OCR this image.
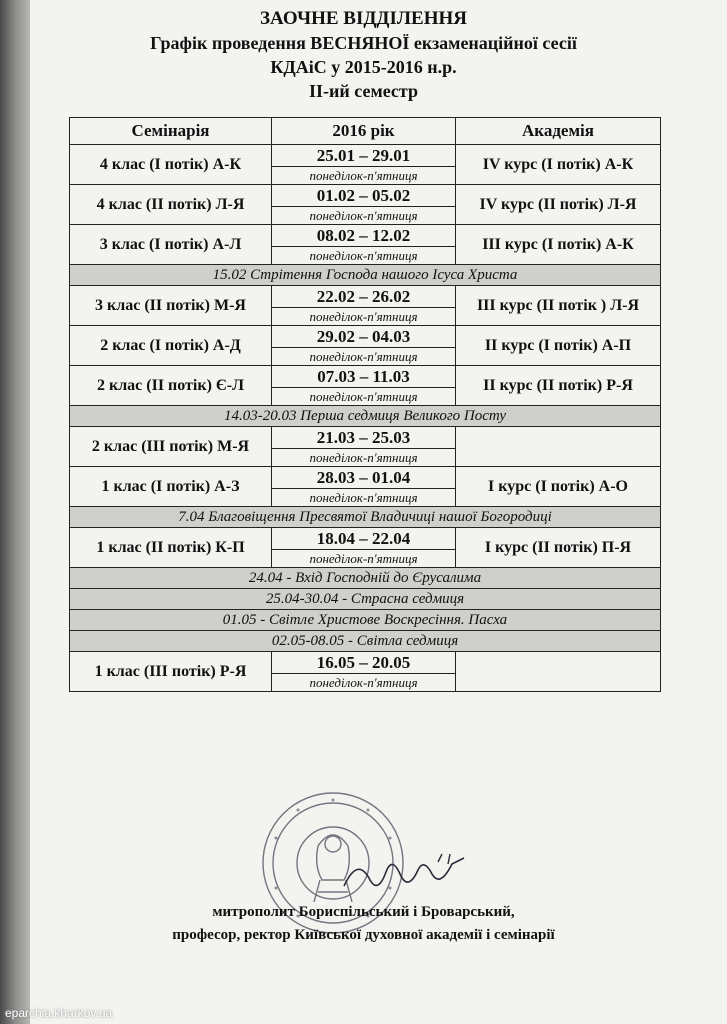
ЗАОЧНЕ ВІДДІЛЕННЯ
Графік проведення ВЕСНЯНОЇ екзаменаційної сесії
КДАіС у 2015-2016 н.р.
ІІ-ий семестр
Семінарія	2016 рік	Академія
4 клас (І потік) А-К	25.01 – 29.01	IV курс (І потік) А-К
	понеділок-п'ятниця	
4 клас (ІІ потік) Л-Я	01.02 – 05.02	IV курс (ІІ потік) Л-Я
	понеділок-п'ятниця	
3 клас (І потік) А-Л	08.02 – 12.02	ІІІ курс (І потік) А-К
	понеділок-п'ятниця	
15.02 Стрітення Господа нашого Ісуса Христа		
3 клас (ІІ потік) М-Я	22.02 – 26.02	ІІІ курс (ІІ потік ) Л-Я
	понеділок-п'ятниця	
2 клас (І потік) А-Д	29.02 – 04.03	ІІ курс (І потік) А-П
	понеділок-п'ятниця	
2 клас (ІІ потік) Є-Л	07.03 – 11.03	ІІ курс (ІІ потік) Р-Я
	понеділок-п'ятниця	
14.03-20.03 Перша седмиця Великого Посту		
2 клас (ІІІ потік) М-Я	21.03 – 25.03	
	понеділок-п'ятниця	
1 клас (І потік) А-З	28.03 – 01.04	І курс (І потік) А-О
	понеділок-п'ятниця	
7.04 Благовіщення Пресвятої Владичиці нашої Богородиці		
1 клас (ІІ потік) К-П	18.04 – 22.04	І курс (ІІ потік) П-Я
	понеділок-п'ятниця	
24.04 - Вхід Господній до Єрусалима		
25.04-30.04 - Страсна седмиця		
01.05 - Світле Христове Воскресіння. Пасха		
02.05-08.05 - Світла седмиця		
1 клас (ІІІ потік) Р-Я	16.05 – 20.05	
	понеділок-п'ятниця	
митрополит Бориспільський і Броварський,
професор, ректор Київської духовної академії і семінарії
eparchia.kharkov.ua
